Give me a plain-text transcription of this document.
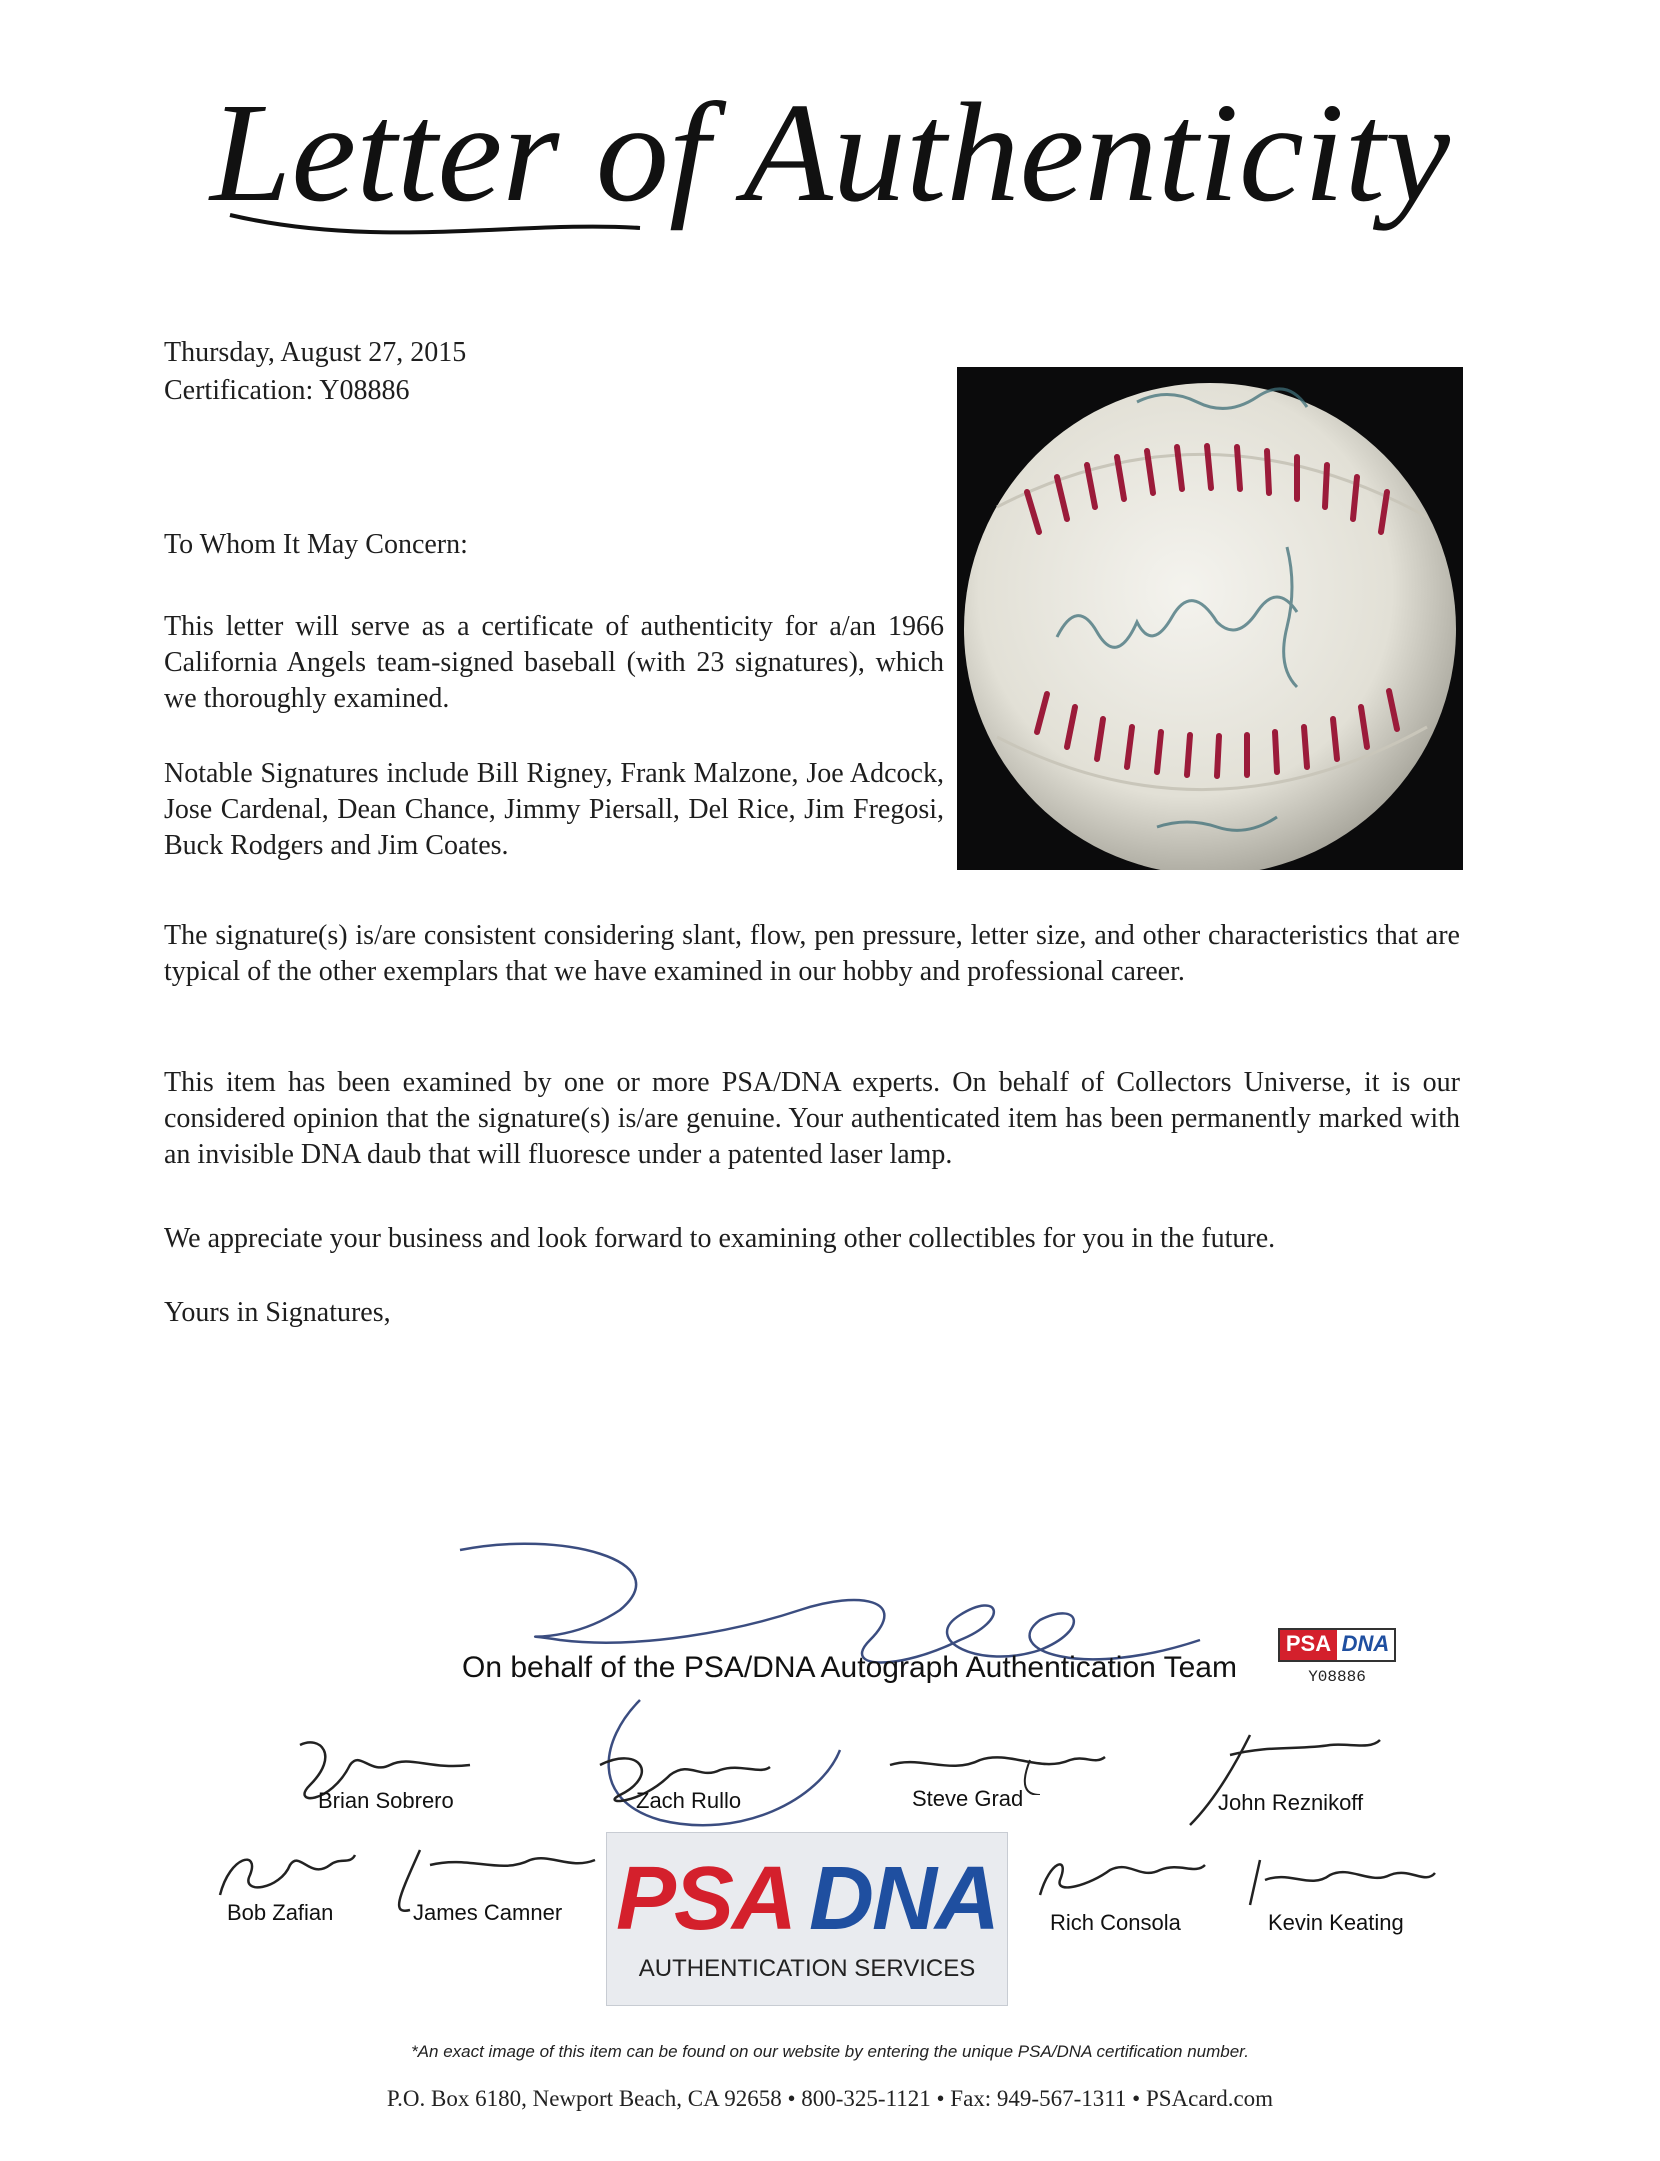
Letter of Authenticity
Thursday, August 27, 2015
Certification: Y08886
To Whom It May Concern:
This letter will serve as a certificate of authenticity for a/an 1966 California Angels team-signed baseball (with 23 signatures), which we thoroughly examined.
Notable Signatures include Bill Rigney, Frank Malzone, Joe Adcock, Jose Cardenal, Dean Chance, Jimmy Piersall, Del Rice, Jim Fregosi, Buck Rodgers and Jim Coates.
The signature(s) is/are consistent considering slant, flow, pen pressure, letter size, and other characteristics that are typical of the other exemplars that we have examined in our hobby and professional career.
This item has been examined by one or more PSA/DNA experts. On behalf of Collectors Universe, it is our considered opinion that the signature(s) is/are genuine. Your authenticated item has been permanently marked with an invisible DNA daub that will fluoresce under a patented laser lamp.
We appreciate your business and look forward to examining other collectibles for you in the future.
Yours in Signatures,
On behalf of the PSA/DNA Autograph Authentication Team
PSA DNA
Y08886
Brian Sobrero	Zach Rullo	Steve Grad	John Reznikoff
Bob Zafian	James Camner PSA DNA
AUTHENTICATION SERVICES
Rich Consola	Kevin Keating
*An exact image of this item can be found on our website by entering the unique PSA/DNA certification number.
P.O. Box 6180, Newport Beach, CA 92658 • 800-325-1121 • Fax: 949-567-1311 • PSAcard.com
